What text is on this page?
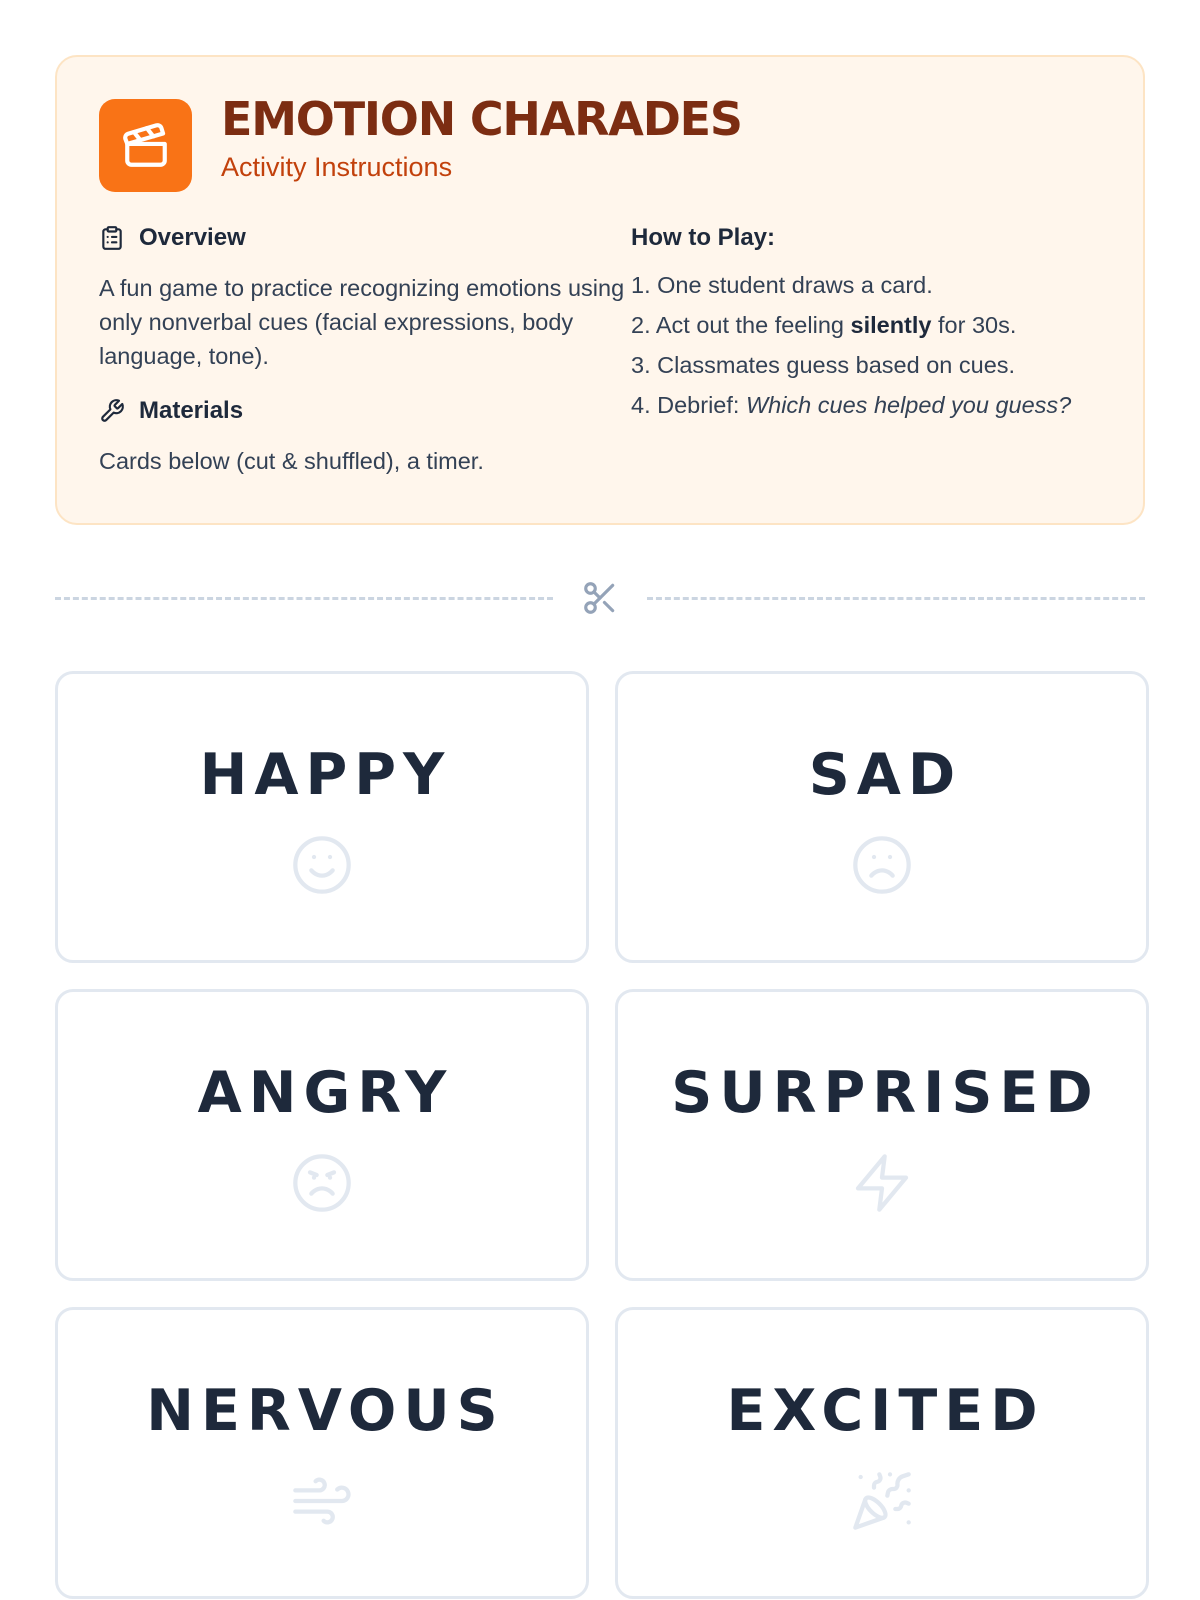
EMOTION CHARADES
Activity Instructions
Overview
A fun game to practice recognizing emotions using only nonverbal cues (facial expressions, body language, tone).
Materials
Cards below (cut & shuffled), a timer.
How to Play:
1. One student draws a card.
2. Act out the feeling silently for 30s.
3. Classmates guess based on cues.
4. Debrief: Which cues helped you guess?
HAPPY	SAD
ANGRY	SURPRISED
NERVOUS	EXCITED
